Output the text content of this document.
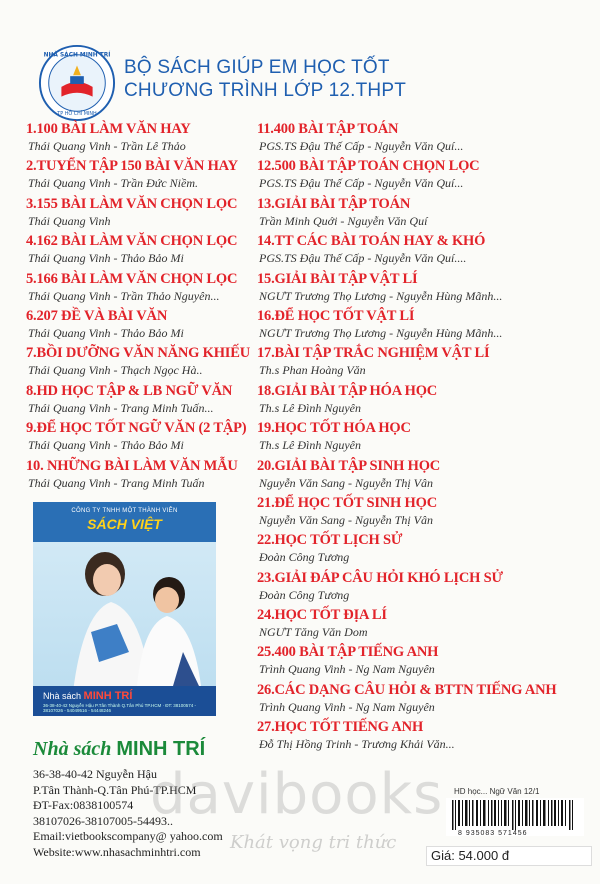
NHÀ SÁCH MINH TRÍ
TP HỒ CHÍ MINH
BỘ SÁCH GIÚP EM HỌC TỐT
CHƯƠNG TRÌNH LỚP 12.THPT
1.100 BÀI LÀM VĂN HAY
Thái Quang Vinh - Trần Lê Thảo
2.TUYỂN TẬP 150 BÀI VĂN HAY
Thái Quang Vinh - Trần Đức Niềm.
3.155 BÀI LÀM VĂN CHỌN LỌC
Thái Quang Vinh
4.162 BÀI LÀM VĂN CHỌN LỌC
Thái Quang Vinh - Thảo Bảo Mi
5.166 BÀI LÀM VĂN CHỌN LỌC
Thái Quang Vinh - Trần Thảo Nguyên...
6.207 ĐỀ VÀ BÀI VĂN
Thái Quang Vinh - Thảo Bảo Mi
7.BỒI DƯỠNG VĂN NĂNG KHIẾU
Thái Quang Vinh - Thạch Ngọc Hà..
8.HD HỌC TẬP & LB NGỮ VĂN
Thái Quang Vinh - Trang Minh Tuấn...
9.ĐỂ HỌC TỐT NGỮ VĂN (2 TẬP)
Thái Quang Vinh - Thảo Bảo Mi
10. NHỮNG BÀI LÀM VĂN MẪU
Thái Quang Vinh - Trang Minh Tuấn
11.400 BÀI TẬP TOÁN
PGS.TS Đậu Thế Cấp - Nguyễn Văn Quí...
12.500 BÀI TẬP TOÁN CHỌN LỌC
PGS.TS Đậu Thế Cấp - Nguyễn Văn Quí...
13.GIẢI BÀI TẬP TOÁN
Trần Minh Quới - Nguyễn Văn Quí
14.TT CÁC BÀI TOÁN HAY & KHÓ
PGS.TS Đậu Thế Cấp - Nguyễn Văn Quí....
15.GIẢI BÀI TẬP VẬT LÍ
NGƯT Trương Thọ Lương - Nguyễn Hùng Mãnh...
16.ĐỂ HỌC TỐT VẬT LÍ
NGƯT Trương Thọ Lương - Nguyễn Hùng Mãnh...
17.BÀI TẬP TRẮC NGHIỆM VẬT LÍ
Th.s Phan Hoàng Văn
18.GIẢI BÀI TẬP HÓA HỌC
Th.s Lê Đình Nguyên
19.HỌC TỐT HÓA HỌC
Th.s Lê Đình Nguyên
20.GIẢI BÀI TẬP SINH HỌC
Nguyễn Văn Sang - Nguyễn Thị Vân
21.ĐỂ HỌC TỐT SINH HỌC
Nguyễn Văn Sang - Nguyễn Thị Vân
22.HỌC TỐT LỊCH SỬ
Đoàn Công Tương
23.GIẢI ĐÁP CÂU HỎI KHÓ LỊCH SỬ
Đoàn Công Tương
24.HỌC TỐT ĐỊA LÍ
NGƯT Tăng Văn Dom
25.400 BÀI TẬP TIẾNG ANH
Trình Quang Vinh - Ng Nam Nguyên
26.CÁC DẠNG CÂU HỎI & BTTN TIẾNG ANH
Trình Quang Vinh - Ng Nam Nguyên
27.HỌC TỐT TIẾNG ANH
Đỗ Thị Hồng Trinh - Trương Khải Văn...
CÔNG TY TNHH MỘT THÀNH VIÊN
SÁCH VIỆT
Nhà sách MINH TRÍ
36-38-40-42 Nguyễn Hậu P.Tân Thành Q.Tân Phú TP.HCM · ĐT: 38100574 - 38107026 - 54049516 - 54448246
Nhà sách MINH TRÍ
36-38-40-42 Nguyễn Hậu
P.Tân Thành-Q.Tân Phú-TP.HCM
ĐT-Fax:0838100574
38107026-38107005-54493..
Email:vietbookscompany@ yahoo.com
Website:www.nhasachminhtri.com
davibooks
Khát vọng tri thức
HD học... Ngữ Văn 12/1
8 935083 571456
Giá: 54.000 đ
